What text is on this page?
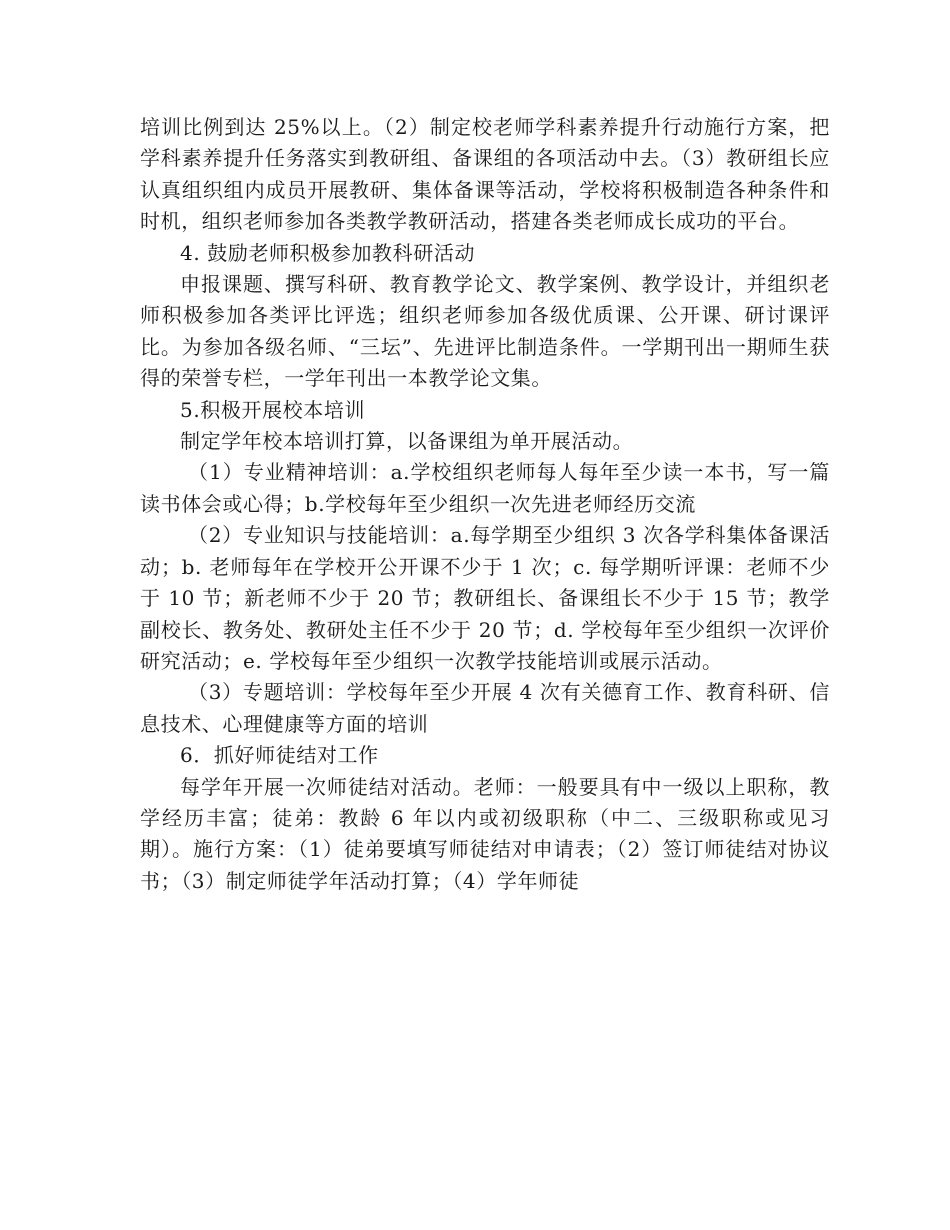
培训比例到达 25%以上。（2）制定校老师学科素养提升行动施行方案，把学科素养提升任务落实到教研组、备课组的各项活动中去。（3）教研组长应认真组织组内成员开展教研、集体备课等活动，学校将积极制造各种条件和时机，组织老师参加各类教学教研活动，搭建各类老师成长成功的平台。

4. 鼓励老师积极参加教科研活动

申报课题、撰写科研、教育教学论文、教学案例、教学设计，并组织老师积极参加各类评比评选；组织老师参加各级优质课、公开课、研讨课评比。为参加各级名师、“三坛”、先进评比制造条件。一学期刊出一期师生获得的荣誉专栏，一学年刊出一本教学论文集。

5.积极开展校本培训

制定学年校本培训打算，以备课组为单开展活动。

（1）专业精神培训：a.学校组织老师每人每年至少读一本书，写一篇读书体会或心得；b.学校每年至少组织一次先进老师经历交流

（2）专业知识与技能培训：a.每学期至少组织 3 次各学科集体备课活动；b. 老师每年在学校开公开课不少于 1 次；c. 每学期听评课：老师不少于 10 节；新老师不少于 20 节；教研组长、备课组长不少于 15 节；教学副校长、教务处、教研处主任不少于 20 节；d. 学校每年至少组织一次评价研究活动；e. 学校每年至少组织一次教学技能培训或展示活动。

（3）专题培训：学校每年至少开展 4 次有关德育工作、教育科研、信息技术、心理健康等方面的培训

6．抓好师徒结对工作

每学年开展一次师徒结对活动。老师：一般要具有中一级以上职称，教学经历丰富；徒弟：教龄 6 年以内或初级职称（中二、三级职称或见习期）。施行方案：（1）徒弟要填写师徒结对申请表；（2）签订师徒结对协议书；（3）制定师徒学年活动打算；（4）学年师徒
